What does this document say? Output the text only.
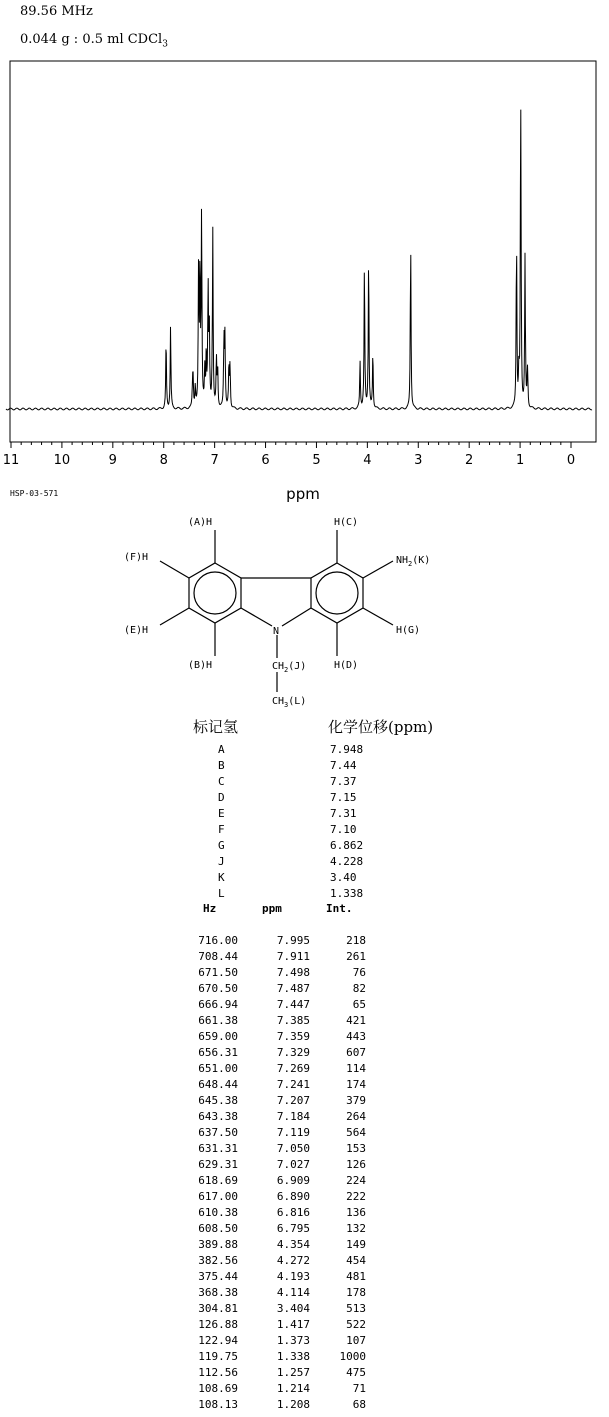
89.56 MHz
0.044 g : 0.5 ml CDCl$_3$
11	10	9	8	7	6	5	4	3	2	1	0
ppm
HSP-03-571
(A)H
(F)H
(E)H
(B)H
H(C)
H(G)
H(D)
N
$NH_2(K)$
$CH_2(J)$
$CH_3(L)$
标记氢	化学位移(ppm)
A	7.948
B	7.44
C	7.37
D	7.15
E	7.31
F	7.10
G	6.862
J	4.228
K	3.40
L	1.338
Hz	ppm	Int.
716.00	7.995	218
708.44	7.911	261
671.50	7.498	76
670.50	7.487	82
666.94	7.447	65
661.38	7.385	421
659.00	7.359	443
656.31	7.329	607
651.00	7.269	114
648.44	7.241	174
645.38	7.207	379
643.38	7.184	264
637.50	7.119	564
631.31	7.050	153
629.31	7.027	126
618.69	6.909	224
617.00	6.890	222
610.38	6.816	136
608.50	6.795	132
389.88	4.354	149
382.56	4.272	454
375.44	4.193	481
368.38	4.114	178
304.81	3.404	513
126.88	1.417	522
122.94	1.373	107
119.75	1.338	1000
112.56	1.257	475
108.69	1.214	71
108.13	1.208	68
